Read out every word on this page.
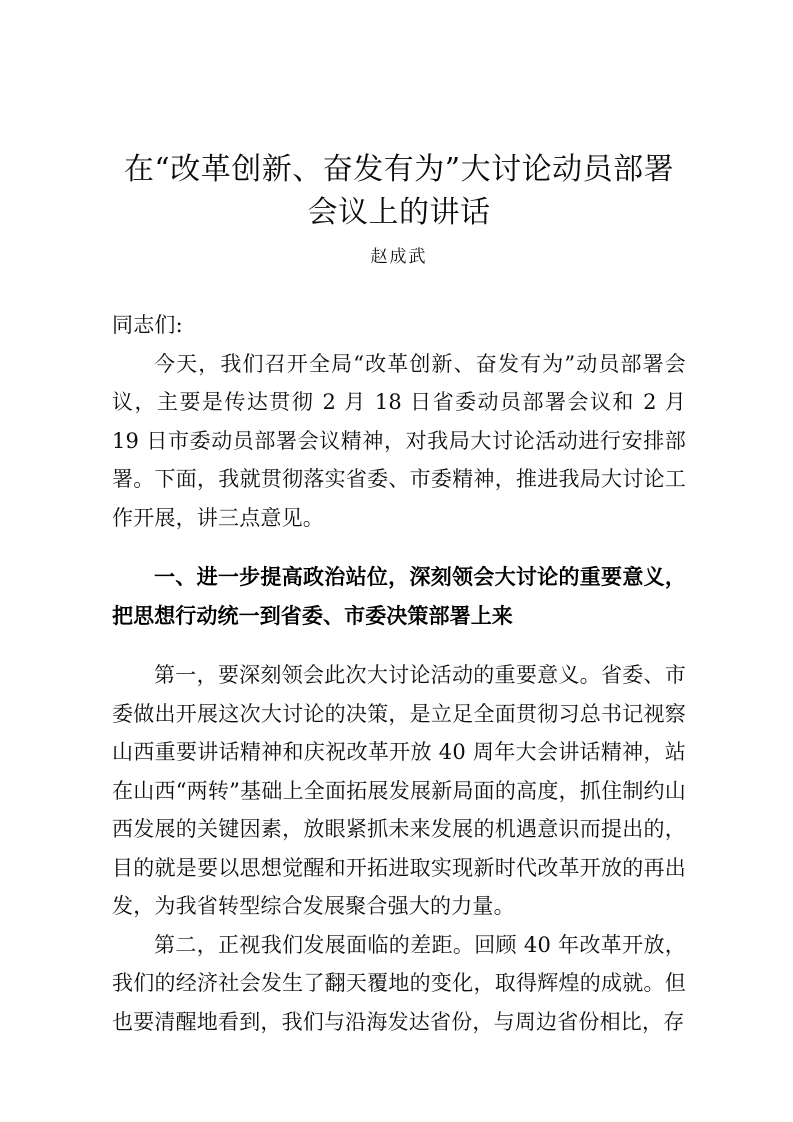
在“改革创新、奋发有为”大讨论动员部署
会议上的讲话
赵成武

同志们:

今天，我们召开全局“改革创新、奋发有为”动员部署会议，主要是传达贯彻 2 月 18 日省委动员部署会议和 2 月 19 日市委动员部署会议精神，对我局大讨论活动进行安排部署。下面，我就贯彻落实省委、市委精神，推进我局大讨论工作开展，讲三点意见。

一、进一步提高政治站位，深刻领会大讨论的重要意义，把思想行动统一到省委、市委决策部署上来

第一，要深刻领会此次大讨论活动的重要意义。省委、市委做出开展这次大讨论的决策，是立足全面贯彻习总书记视察山西重要讲话精神和庆祝改革开放 40 周年大会讲话精神，站在山西“两转”基础上全面拓展发展新局面的高度，抓住制约山西发展的关键因素，放眼紧抓未来发展的机遇意识而提出的，目的就是要以思想觉醒和开拓进取实现新时代改革开放的再出发，为我省转型综合发展聚合强大的力量。

第二，正视我们发展面临的差距。回顾 40 年改革开放，我们的经济社会发生了翻天覆地的变化，取得辉煌的成就。但也要清醒地看到，我们与沿海发达省份，与周边省份相比，存
